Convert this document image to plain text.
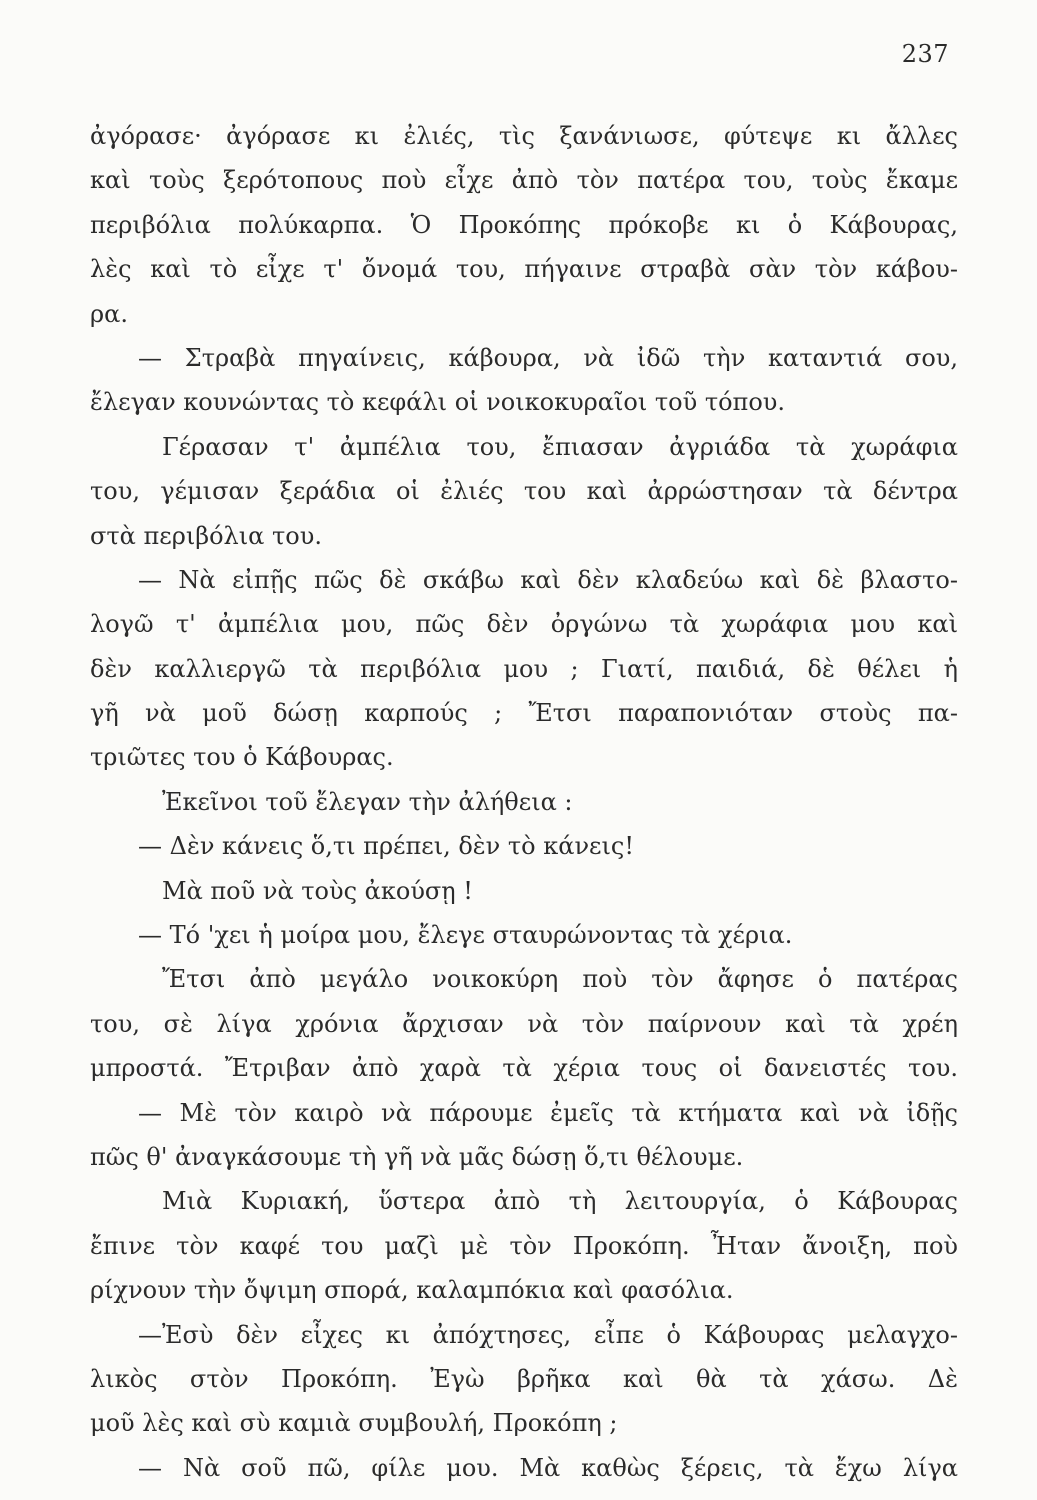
237
ἀγόρασε· ἀγόρασε κι ἐλιές, τὶς ξανάνιωσε, φύτεψε κι ἄλλες
καὶ τοὺς ξερότοπους ποὺ εἶχε ἀπὸ τὸν πατέρα του, τοὺς ἔκαμε
περιβόλια πολύκαρπα. Ὁ Προκόπης πρόκοβε κι ὁ Κάβουρας,
λὲς καὶ τὸ εἶχε τ' ὄνομά του, πήγαινε στραβὰ σὰν τὸν κάβου-
ρα.
— Στραβὰ πηγαίνεις, κάβουρα, νὰ ἰδῶ τὴν καταντιά σου,
ἔλεγαν κουνώντας τὸ κεφάλι οἱ νοικοκυραῖοι τοῦ τόπου.
Γέρασαν τ' ἀμπέλια του, ἔπιασαν ἀγριάδα τὰ χωράφια
του, γέμισαν ξεράδια οἱ ἐλιές του καὶ ἀρρώστησαν τὰ δέντρα
στὰ περιβόλια του.
— Νὰ εἰπῇς πῶς δὲ σκάβω καὶ δὲν κλαδεύω καὶ δὲ βλαστο-
λογῶ τ' ἀμπέλια μου, πῶς δὲν ὀργώνω τὰ χωράφια μου καὶ
δὲν καλλιεργῶ τὰ περιβόλια μου ; Γιατί, παιδιά, δὲ θέλει ἡ
γῆ νὰ μοῦ δώσῃ καρπούς ; Ἔτσι παραπονιόταν στοὺς πα-
τριῶτες του ὁ Κάβουρας.
Ἐκεῖνοι τοῦ ἔλεγαν τὴν ἀλήθεια :
— Δὲν κάνεις ὅ,τι πρέπει, δὲν τὸ κάνεις!
Μὰ ποῦ νὰ τοὺς ἀκούσῃ !
— Τό 'χει ἡ μοίρα μου, ἔλεγε σταυρώνοντας τὰ χέρια.
Ἔτσι ἀπὸ μεγάλο νοικοκύρη ποὺ τὸν ἄφησε ὁ πατέρας
του, σὲ λίγα χρόνια ἄρχισαν νὰ τὸν παίρνουν καὶ τὰ χρέη
μπροστά. Ἔτριβαν ἀπὸ χαρὰ τὰ χέρια τους οἱ δανειστές του.
— Μὲ τὸν καιρὸ νὰ πάρουμε ἐμεῖς τὰ κτήματα καὶ νὰ ἰδῇς
πῶς θ' ἀναγκάσουμε τὴ γῆ νὰ μᾶς δώσῃ ὅ,τι θέλουμε.
Μιὰ Κυριακή, ὕστερα ἀπὸ τὴ λειτουργία, ὁ Κάβουρας
ἔπινε τὸν καφέ του μαζὶ μὲ τὸν Προκόπη. Ἦταν ἄνοιξη, ποὺ
ρίχνουν τὴν ὄψιμη σπορά, καλαμπόκια καὶ φασόλια.
—Ἐσὺ δὲν εἶχες κι ἀπόχτησες, εἶπε ὁ Κάβουρας μελαγχο-
λικὸς στὸν Προκόπη. Ἐγὼ βρῆκα καὶ θὰ τὰ χάσω. Δὲ
μοῦ λὲς καὶ σὺ καμιὰ συμβουλή, Προκόπη ;
— Νὰ σοῦ πῶ, φίλε μου. Μὰ καθὼς ξέρεις, τὰ ἔχω λίγα
